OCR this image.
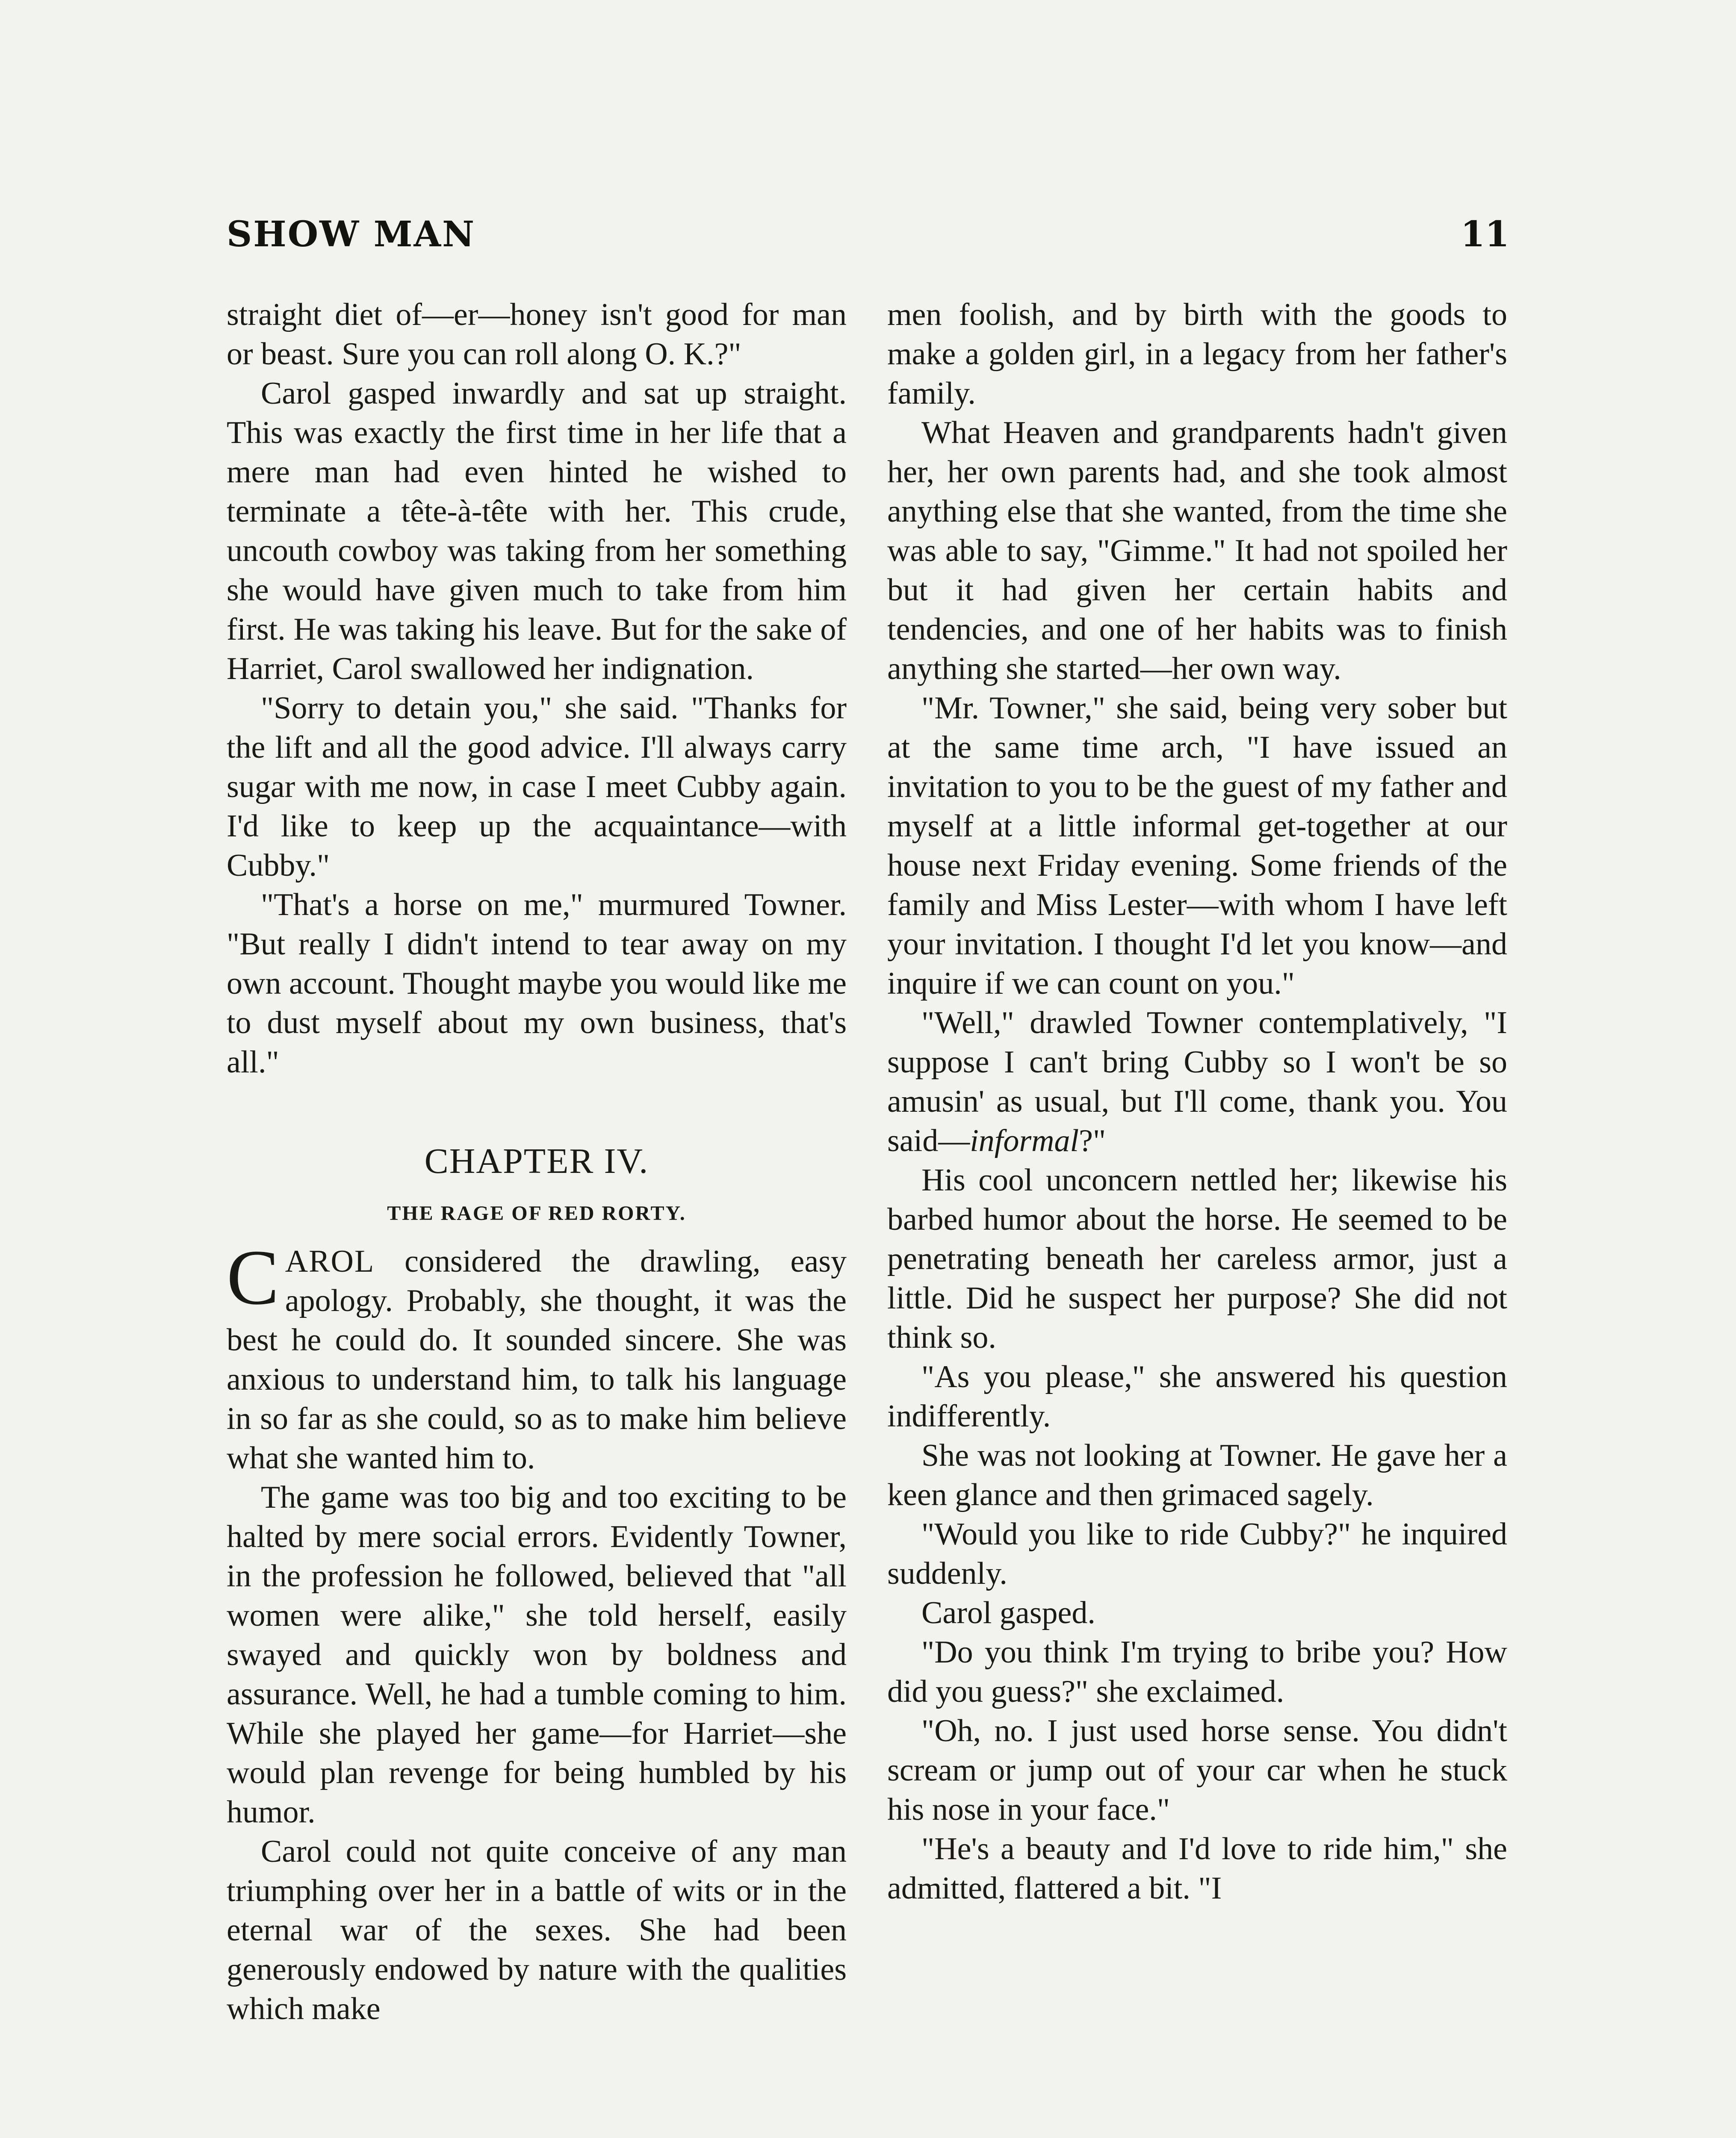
SHOW MAN	11

straight diet of—er—honey isn't good for man or beast. Sure you can roll along O. K.?"

Carol gasped inwardly and sat up straight. This was exactly the first time in her life that a mere man had even hinted he wished to terminate a tête-à-tête with her. This crude, uncouth cowboy was taking from her something she would have given much to take from him first. He was taking his leave. But for the sake of Harriet, Carol swallowed her indignation.

"Sorry to detain you," she said. "Thanks for the lift and all the good advice. I'll always carry sugar with me now, in case I meet Cubby again. I'd like to keep up the acquaintance—with Cubby."

"That's a horse on me," murmured Towner. "But really I didn't intend to tear away on my own account. Thought maybe you would like me to dust myself about my own business, that's all."

CHAPTER IV.
THE RAGE OF RED RORTY.

CAROL considered the drawling, easy apology. Probably, she thought, it was the best he could do. It sounded sincere. She was anxious to understand him, to talk his language in so far as she could, so as to make him believe what she wanted him to.

The game was too big and too exciting to be halted by mere social errors. Evidently Towner, in the profession he followed, believed that "all women were alike," she told herself, easily swayed and quickly won by boldness and assurance. Well, he had a tumble coming to him. While she played her game—for Harriet—she would plan revenge for being humbled by his humor.

Carol could not quite conceive of any man triumphing over her in a battle of wits or in the eternal war of the sexes. She had been generously endowed by nature with the qualities which make

men foolish, and by birth with the goods to make a golden girl, in a legacy from her father's family.

What Heaven and grandparents hadn't given her, her own parents had, and she took almost anything else that she wanted, from the time she was able to say, "Gimme." It had not spoiled her but it had given her certain habits and tendencies, and one of her habits was to finish anything she started—her own way.

"Mr. Towner," she said, being very sober but at the same time arch, "I have issued an invitation to you to be the guest of my father and myself at a little informal get-together at our house next Friday evening. Some friends of the family and Miss Lester—with whom I have left your invitation. I thought I'd let you know—and inquire if we can count on you."

"Well," drawled Towner contemplatively, "I suppose I can't bring Cubby so I won't be so amusin' as usual, but I'll come, thank you. You said—informal?"

His cool unconcern nettled her; likewise his barbed humor about the horse. He seemed to be penetrating beneath her careless armor, just a little. Did he suspect her purpose? She did not think so.

"As you please," she answered his question indifferently.

She was not looking at Towner. He gave her a keen glance and then grimaced sagely.

"Would you like to ride Cubby?" he inquired suddenly.

Carol gasped.

"Do you think I'm trying to bribe you? How did you guess?" she exclaimed.

"Oh, no. I just used horse sense. You didn't scream or jump out of your car when he stuck his nose in your face."

"He's a beauty and I'd love to ride him," she admitted, flattered a bit. "I
